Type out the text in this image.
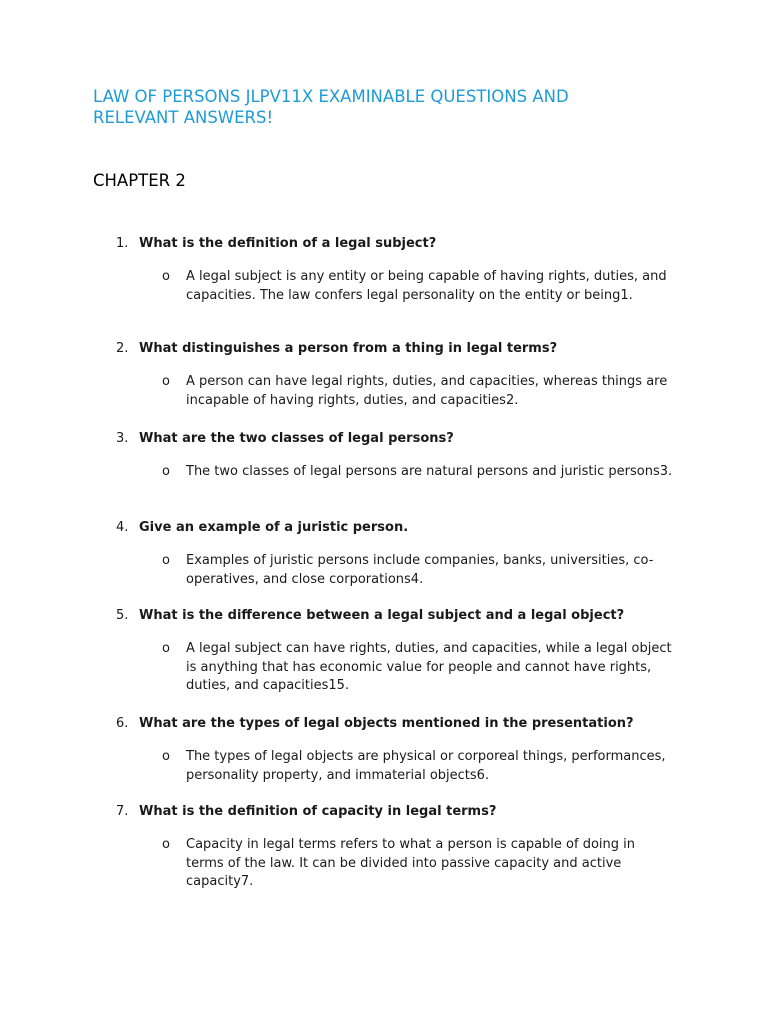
LAW OF PERSONS JLPV11X EXAMINABLE QUESTIONS AND RELEVANT ANSWERS!
CHAPTER 2
1. What is the definition of a legal subject?
o A legal subject is any entity or being capable of having rights, duties, and capacities. The law confers legal personality on the entity or being1.
2. What distinguishes a person from a thing in legal terms?
o A person can have legal rights, duties, and capacities, whereas things are incapable of having rights, duties, and capacities2.
3. What are the two classes of legal persons?
o The two classes of legal persons are natural persons and juristic persons3.
4. Give an example of a juristic person.
o Examples of juristic persons include companies, banks, universities, co-operatives, and close corporations4.
5. What is the difference between a legal subject and a legal object?
o A legal subject can have rights, duties, and capacities, while a legal object is anything that has economic value for people and cannot have rights, duties, and capacities15.
6. What are the types of legal objects mentioned in the presentation?
o The types of legal objects are physical or corporeal things, performances, personality property, and immaterial objects6.
7. What is the definition of capacity in legal terms?
o Capacity in legal terms refers to what a person is capable of doing in terms of the law. It can be divided into passive capacity and active capacity7.
